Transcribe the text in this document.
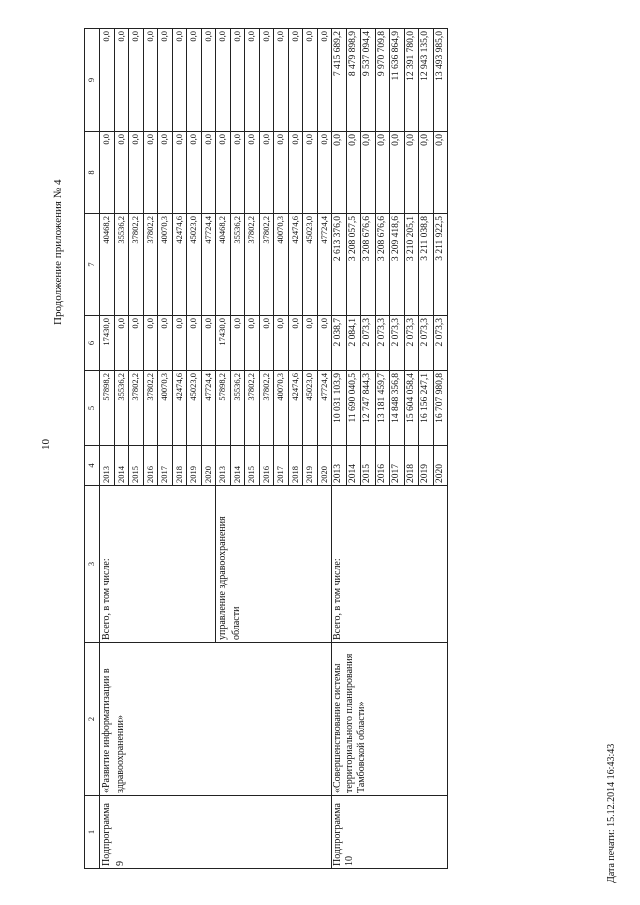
10
Продолжение приложения № 4
1	2	3	4	5	6	7	8	9
Подпрограмма 9	«Развитие информатизации в здравоохранении»	Всего, в том числе:	2013	57898,2	17430,0	40468,2	0,0	0,0
			2014	35536,2	0,0	35536,2	0,0	0,0
			2015	37802,2	0,0	37802,2	0,0	0,0
			2016	37802,2	0,0	37802,2	0,0	0,0
			2017	40070,3	0,0	40070,3	0,0	0,0
			2018	42474,6	0,0	42474,6	0,0	0,0
			2019	45023,0	0,0	45023,0	0,0	0,0
			2020	47724,4	0,0	47724,4	0,0	0,0
		управление здравоохранения области	2013	57898,2	17430,0	40468,2	0,0	0,0
			2014	35536,2	0,0	35536,2	0,0	0,0
			2015	37802,2	0,0	37802,2	0,0	0,0
			2016	37802,2	0,0	37802,2	0,0	0,0
			2017	40070,3	0,0	40070,3	0,0	0,0
			2018	42474,6	0,0	42474,6	0,0	0,0
			2019	45023,0	0,0	45023,0	0,0	0,0
			2020	47724,4	0,0	47724,4	0,0	0,0
Подпрограмма 10	«Совершенствование системы территориального планирования Тамбовской области»	Всего, в том числе:	2013	10 031 103,9	2 038,7	2 613 376,0	0,0	7 415 689,2
			2014	11 690 040,5	2 084,1	3 208 057,5	0,0	8 479 898,9
			2015	12 747 844,3	2 073,3	3 208 676,6	0,0	9 537 094,4
			2016	13 181 459,7	2 073,3	3 208 676,6	0,0	9 970 709,8
			2017	14 848 356,8	2 073,3	3 209 418,6	0,0	11 636 864,9
			2018	15 604 058,4	2 073,3	3 210 205,1	0,0	12 391 780,0
			2019	16 156 247,1	2 073,3	3 211 038,8	0,0	12 943 135,0
			2020	16 707 980,8	2 073,3	3 211 922,5	0,0	13 493 985,0
Дата печати: 15.12.2014 16:43:43
